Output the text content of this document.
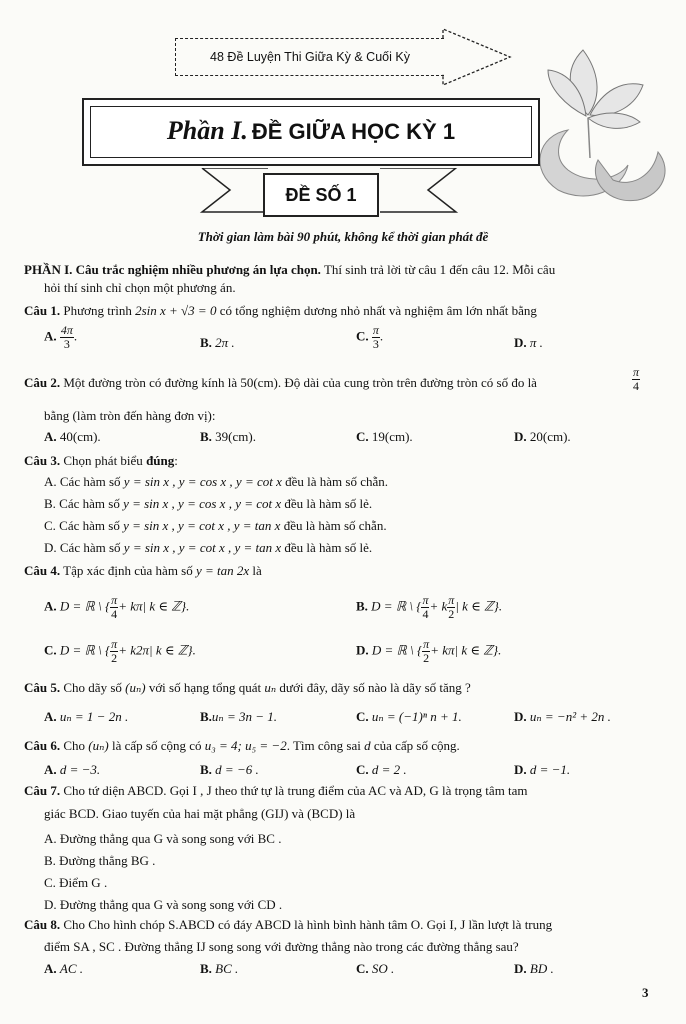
48 Đề Luyện Thi Giữa Kỳ & Cuối Kỳ
Phần I. ĐỀ GIỮA HỌC KỲ 1
ĐỀ SỐ 1
Thời gian làm bài 90 phút, không kể thời gian phát đề
PHẦN I. Câu trắc nghiệm nhiều phương án lựa chọn. Thí sinh trả lời từ câu 1 đến câu 12. Mỗi câu
hỏi thí sinh chỉ chọn một phương án.
Câu 1. Phương trình 2sin x + √3 = 0 có tổng nghiệm dương nhỏ nhất và nghiệm âm lớn nhất bằng
A. $\frac{4\pi}{3}$ .	B. 2π .	C. $\frac{\pi}{3}$ .	D. π .
Câu 2. Một đường tròn có đường kính là 50(cm). Độ dài của cung tròn trên đường tròn có số đo là	$\frac{\pi}{4}$
bằng (làm tròn đến hàng đơn vị):
A. 40(cm).	B. 39(cm).	C. 19(cm).	D. 20(cm).
Câu 3. Chọn phát biểu đúng:
A. Các hàm số y = sin x , y = cos x , y = cot x đều là hàm số chẵn.
B. Các hàm số y = sin x , y = cos x , y = cot x đều là hàm số lẻ.
C. Các hàm số y = sin x , y = cot x , y = tan x đều là hàm số chẵn.
D. Các hàm số y = sin x , y = cot x , y = tan x đều là hàm số lẻ.
Câu 4. Tập xác định của hàm số y = tan 2x là
A. D = ℝ \ { $\frac{\pi}{4} + k\pi|$ k ∈ ℤ}.	B. D = ℝ \ { $\frac{\pi}{4} + k \frac{\pi}{2}$ | k ∈ ℤ}.
C. D = ℝ \ { $\frac{\pi}{2} + k2\pi|$ k ∈ ℤ}.	D. D = ℝ \ { $\frac{\pi}{2} + k\pi|$ k ∈ ℤ}.
Câu 5. Cho dãy số (uₙ) với số hạng tổng quát uₙ dưới đây, dãy số nào là dãy số tăng ?
A. uₙ = 1 − 2n .	B.uₙ = 3n − 1.	C. uₙ = (−1)ⁿ n + 1.	D. uₙ = −n² + 2n .
Câu 6. Cho (uₙ) là cấp số cộng có u₃ = 4; u₅ = −2. Tìm công sai d của cấp số cộng.
A. d = −3.	B. d = −6 .	C. d = 2 .	D. d = −1.
Câu 7. Cho tứ diện ABCD. Gọi I , J theo thứ tự là trung điểm của AC và AD, G là trọng tâm tam
giác BCD. Giao tuyến của hai mặt phẳng (GIJ) và (BCD) là
A. Đường thẳng qua G và song song với BC .
B. Đường thẳng BG .
C. Điểm G .
D. Đường thẳng qua G và song song với CD .
Câu 8. Cho Cho hình chóp S.ABCD có đáy ABCD là hình bình hành tâm O. Gọi I, J lần lượt là trung
điểm SA , SC . Đường thẳng IJ song song với đường thẳng nào trong các đường thẳng sau?
A. AC .	B. BC .	C. SO .	D. BD .
3
